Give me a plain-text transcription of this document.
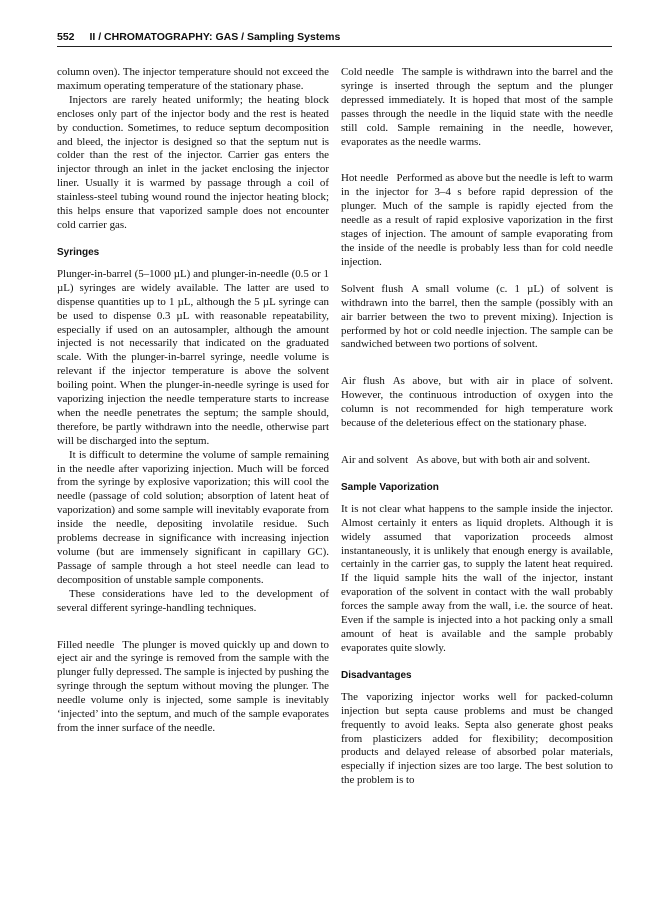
552 II / CHROMATOGRAPHY: GAS / Sampling Systems

column oven). The injector temperature should not exceed the maximum operating temperature of the stationary phase.

Injectors are rarely heated uniformly; the heating block encloses only part of the injector body and the rest is heated by conduction. Sometimes, to reduce septum decomposition and bleed, the injector is designed so that the septum nut is colder than the rest of the injector. Carrier gas enters the injector through an inlet in the jacket enclosing the injector liner. Usually it is warmed by passage through a coil of stainless-steel tubing wound round the injector heating block; this helps ensure that vaporized sample does not encounter cold carrier gas.

Syringes

Plunger-in-barrel (5–1000 µL) and plunger-in-needle (0.5 or 1 µL) syringes are widely available. The latter are used to dispense quantities up to 1 µL, although the 5 µL syringe can be used to dispense 0.3 µL with reasonable repeatability, especially if used on an autosampler, although the amount injected is not necessarily that indicated on the graduated scale. With the plunger-in-barrel syringe, needle volume is relevant if the injector temperature is above the solvent boiling point. When the plunger-in-needle syringe is used for vaporizing injection the needle temperature starts to increase when the needle penetrates the septum; the sample should, therefore, be partly withdrawn into the needle, otherwise part will be discharged into the septum.

It is difficult to determine the volume of sample remaining in the needle after vaporizing injection. Much will be forced from the syringe by explosive vaporization; this will cool the needle (passage of cold solution; absorption of latent heat of vaporization) and some sample will inevitably evaporate from inside the needle, depositing involatile residue. Such problems decrease in significance with increasing injection volume (but are immensely significant in capillary GC). Passage of sample through a hot steel needle can lead to decomposition of unstable sample components.

These considerations have led to the development of several different syringe-handling techniques.

Filled needle The plunger is moved quickly up and down to eject air and the syringe is removed from the sample with the plunger fully depressed. The sample is injected by pushing the syringe through the septum without moving the plunger. The needle volume only is injected, some sample is inevitably ‘injected’ into the septum, and much of the sample evaporates from the inner surface of the needle.

Cold needle The sample is withdrawn into the barrel and the syringe is inserted through the septum and the plunger depressed immediately. It is hoped that most of the sample passes through the needle in the liquid state with the needle still cold. Sample remaining in the needle, however, evaporates as the needle warms.

Hot needle Performed as above but the needle is left to warm in the injector for 3–4 s before rapid depression of the plunger. Much of the sample is rapidly ejected from the needle as a result of rapid explosive vaporization in the first stages of injection. The amount of sample evaporating from the inside of the needle is probably less than for cold needle injection.

Solvent flush A small volume (c. 1 µL) of solvent is withdrawn into the barrel, then the sample (possibly with an air barrier between the two to prevent mixing). Injection is performed by hot or cold needle injection. The sample can be sandwiched between two portions of solvent.

Air flush As above, but with air in place of solvent. However, the continuous introduction of oxygen into the column is not recommended for high temperature work because of the deleterious effect on the stationary phase.

Air and solvent As above, but with both air and solvent.

Sample Vaporization

It is not clear what happens to the sample inside the injector. Almost certainly it enters as liquid droplets. Although it is widely assumed that vaporization proceeds almost instantaneously, it is unlikely that enough energy is available, certainly in the carrier gas, to supply the latent heat required. If the liquid sample hits the wall of the injector, instant evaporation of the solvent in contact with the wall probably forces the sample away from the wall, i.e. the source of heat. Even if the sample is injected into a hot packing only a small amount of heat is available and the sample probably evaporates quite slowly.

Disadvantages

The vaporizing injector works well for packed-column injection but septa cause problems and must be changed frequently to avoid leaks. Septa also generate ghost peaks from plasticizers added for flexibility; decomposition products and delayed release of absorbed polar materials, especially if injection sizes are too large. The best solution to the problem is to
